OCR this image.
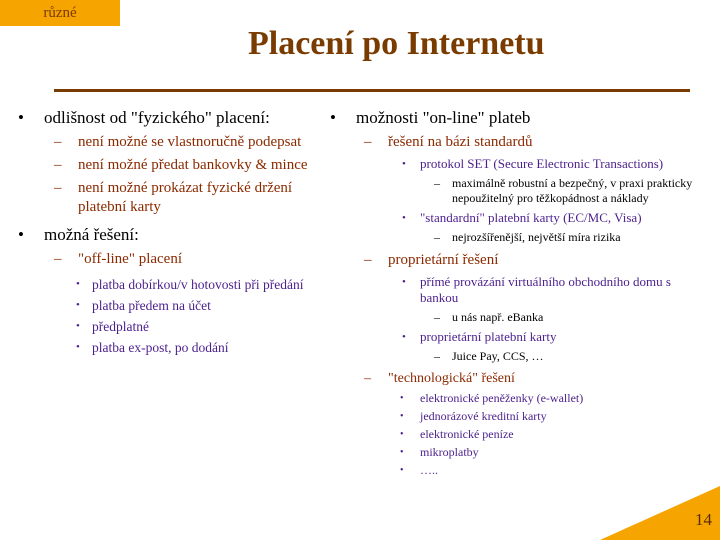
různé
Placení po Internetu
• odlišnost od "fyzického" placení:
– není možné se vlastnoručně podepsat
– není možné předat bankovky & mince
– není možné prokázat fyzické držení platební karty
• možná řešení:
– "off-line" placení
• platba dobírkou/v hotovosti při předání
• platba předem na účet
• předplatné
• platba ex-post, po dodání
• možnosti "on-line" plateb
– řešení na bázi standardů
• protokol SET (Secure Electronic Transactions)
– maximálně robustní a bezpečný, v praxi prakticky nepoužitelný pro těžkopádnost a náklady
• "standardní" platební karty (EC/MC, Visa)
– nejrozšířenější, největší míra rizika
– proprietární řešení
• přímé provázání virtuálního obchodního domu s bankou
– u nás např. eBanka
• proprietární platební karty
– Juice Pay, CCS, …
– "technologická" řešení
• elektronické peněženky (e-wallet)
• jednorázové kreditní karty
• elektronické peníze
• mikroplatby
• …..
14
